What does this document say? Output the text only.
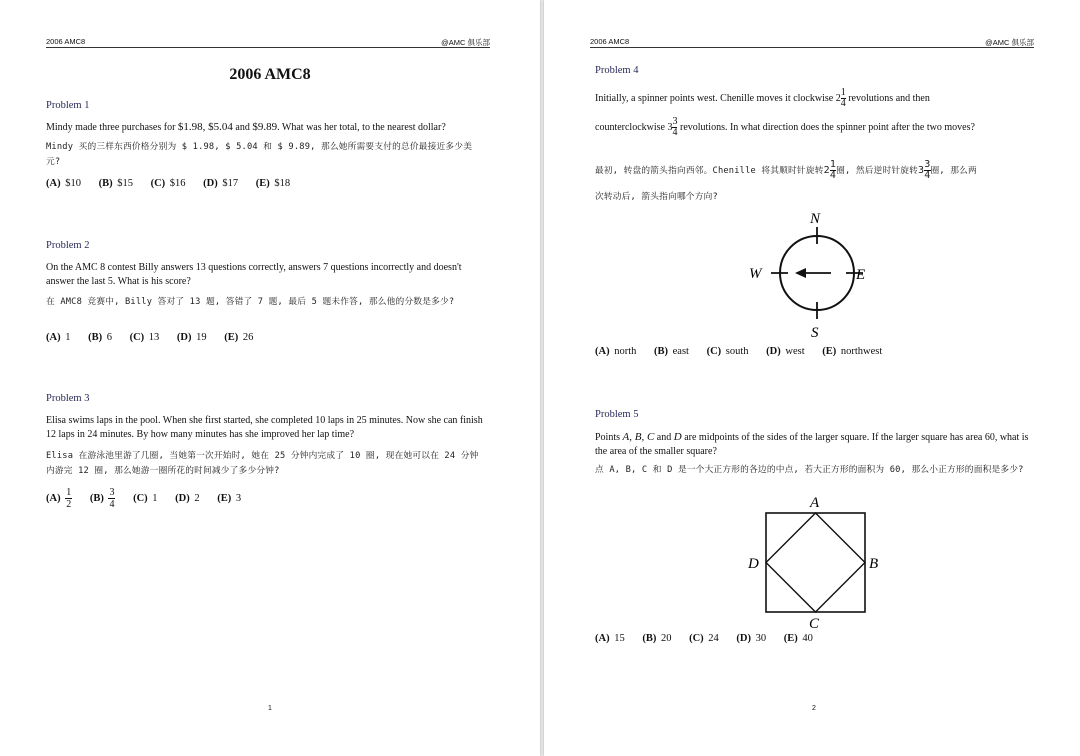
2006 AMC8	@AMC 俱乐部
2006 AMC8
Problem 1
Mindy made three purchases for $1.98, $5.04 and $9.89. What was her total, to the nearest dollar?
Mindy 买的三样东西价格分别为 $ 1.98, $ 5.04 和 $ 9.89, 那么她所需要支付的总价最接近多少美元?
(A) $10 (B) $15 (C) $16 (D) $17 (E) $18
Problem 2
On the AMC 8 contest Billy answers 13 questions correctly, answers 7 questions incorrectly and doesn't answer the last 5. What is his score?
在 AMC8 竞赛中, Billy 答对了 13 题, 答错了 7 题, 最后 5 题未作答, 那么他的分数是多少?
(A) 1 (B) 6 (C) 13 (D) 19 (E) 26
Problem 3
Elisa swims laps in the pool. When she first started, she completed 10 laps in 25 minutes. Now she can finish 12 laps in 24 minutes. By how many minutes has she improved her lap time?
Elisa 在游泳池里游了几圈, 当她第一次开始时, 她在 25 分钟内完成了 10 圈, 现在她可以在 24 分钟内游完 12 圈, 那么她游一圈所花的时间减少了多少分钟?
$(A) \frac{1}{2} (B) \frac{3}{4} (C)$ 1 (D) 2 (E) 3
1
2006 AMC8	@AMC 俱乐部
Problem 4
Initially, a spinner points west. Chenille moves it clockwise $2 \frac{1}{4}$ revolutions and then
counterclockwise $3 \frac{3}{4}$ revolutions. In what direction does the spinner point after the two moves?
最初, 转盘的箭头指向西邻。Chenille 将其顺时针旋转$2 \frac{1}{4}$圈, 然后逆时针旋转$3 \frac{3}{4}$圈, 那么两
次转动后, 箭头指向哪个方向?
N
S
W	E
(A) north (B) east (C) south (D) west (E) northwest
Problem 5
Points A, B, C and D are midpoints of the sides of the larger square. If the larger square has area 60, what is the area of the smaller square?
点 A, B, C 和 D 是一个大正方形的各边的中点, 若大正方形的面积为 60, 那么小正方形的面积是多少?
A
B
C
D
(A) 15 (B) 20 (C) 24 (D) 30 (E) 40
2
